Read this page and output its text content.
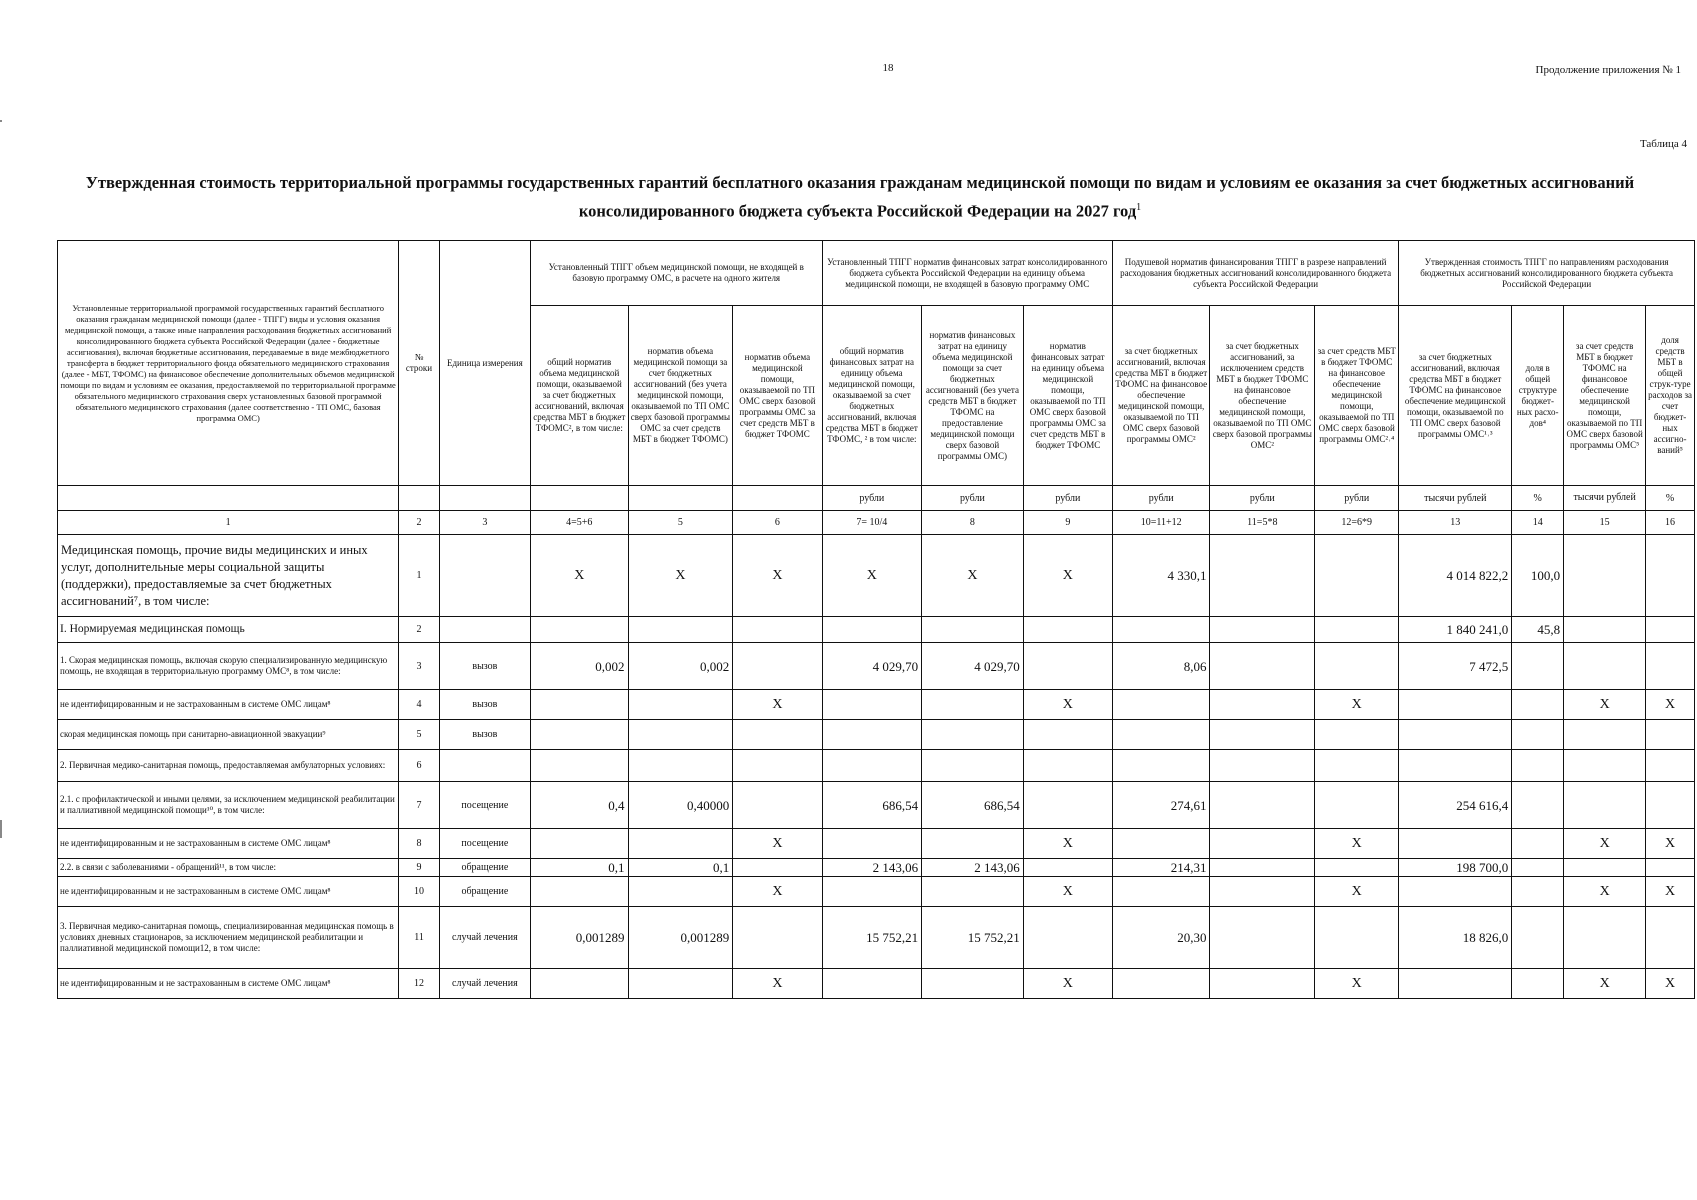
18	Продолжение приложения № 1
Таблица 4
Утвержденная стоимость территориальной программы государственных гарантий бесплатного оказания гражданам медицинской помощи по видам и условиям ее оказания за счет бюджетных ассигнований
консолидированного бюджета субъекта Российской Федерации на 2027 год$^1$
Установленные территориальной программой государственных гарантий бесплатного оказания гражданам медицинской помощи (далее - ТПГГ) виды и условия оказания медицинской помощи, а также иные направления расходования бюджетных ассигнований консолидированного бюджета субъекта Российской Федерации (далее - бюджетные ассигнования), включая бюджетные ассигнования, передаваемые в виде межбюджетного трансферта в бюджет территориального фонда обязательного медицинского страхования (далее - МБТ, ТФОМС) на финансовое обеспечение дополнительных объемов медицинской помощи по видам и условиям ее оказания, предоставляемой по территориальной программе обязательного медицинского страхования сверх установленных базовой программой обязательного медицинского страхования (далее соответственно - ТП ОМС, базовая программа ОМС)	№ строки	Единица измерения	Установленный ТПГГ объем медицинской помощи, не входящей в базовую программу ОМС, в расчете на одного жителя			Установленный ТПГГ норматив финансовых затрат консолидированного бюджета субъекта Российской Федерации на единицу объема медицинской помощи, не входящей в базовую программу ОМС			Подушевой норматив финансирования ТПГГ в разрезе направлений расходования бюджетных ассигнований консолидированного бюджета субъекта Российской Федерации			Утвержденная стоимость ТПГГ по направлениям расходования бюджетных ассигнований консолидированного бюджета субъекта Российской Федерации			
			общий норматив объема медицинской помощи, оказываемой за счет бюджетных ассигнований, включая средства МБТ в бюджет ТФОМС², в том числе:	норматив объема медицинской помощи за счет бюджетных ассигнований (без учета медицинской помощи, оказываемой по ТП ОМС сверх базовой программы ОМС за счет средств МБТ в бюджет ТФОМС)	норматив объема медицинской помощи, оказываемой по ТП ОМС сверх базовой программы ОМС за счет средств МБТ в бюджет ТФОМС	общий норматив финансовых затрат на единицу объема медицинской помощи, оказываемой за счет бюджетных ассигнований, включая средства МБТ в бюджет ТФОМС, ² в том числе:	норматив финансовых затрат на единицу объема медицинской помощи за счет бюджетных ассигнований (без учета средств МБТ в бюджет ТФОМС на предоставление медицинской помощи сверх базовой программы ОМС)	норматив финансовых затрат на единицу объема медицинской помощи, оказываемой по ТП ОМС сверх базовой программы ОМС за счет средств МБТ в бюджет ТФОМС	за счет бюджетных ассигнований, включая средства МБТ в бюджет ТФОМС на финансовое обеспечение медицинской помощи, оказываемой по ТП ОМС сверх базовой программы ОМС²	за счет бюджетных ассигнований, за исключением средств МБТ в бюджет ТФОМС на финансовое обеспечение медицинской помощи, оказываемой по ТП ОМС сверх базовой программы ОМС²	за счет средств МБТ в бюджет ТФОМС на финансовое обеспечение медицинской помощи, оказываемой по ТП ОМС сверх базовой программы ОМС²˒⁴	за счет бюджетных ассигнований, включая средства МБТ в бюджет ТФОМС на финансовое обеспечение медицинской помощи, оказываемой по ТП ОМС сверх базовой программы ОМС¹˒³	доля в общей структуре бюджет-ных расхо-дов⁴	за счет средств МБТ в бюджет ТФОМС на финансовое обеспечение медицинской помощи, оказываемой по ТП ОМС сверх базовой программы ОМС⁵	доля средств МБТ в общей струк-туре расходов за счет бюджет-ных ассигно-ваний⁵
						рубли	рубли	рубли	рубли	рубли	рубли	тысячи рублей	%	тысячи рублей	%
1	2	3	4=5+6	5	6	7= 10/4	8	9	10=11+12	11=5*8	12=6*9	13	14	15	16
Медицинская помощь, прочие виды медицинских и иных услуг, дополнительные меры социальной защиты (поддержки), предоставляемые за счет бюджетных ассигнований⁷, в том числе:	1		X	X	X	X	X	X	4 330,1			4 014 822,2	100,0		
I. Нормируемая медицинская помощь	2											1 840 241,0	45,8		
1. Скорая медицинская помощь, включая скорую специализированную медицинскую помощь, не входящая в территориальную программу ОМС⁸, в том числе:	3	вызов	0,002	0,002		4 029,70	4 029,70		8,06			7 472,5			
не идентифицированным и не застрахованным в системе ОМС лицам⁸	4	вызов			X			X			X			X	X
скорая медицинская помощь при санитарно-авиационной эвакуации⁹	5	вызов													
2. Первичная медико-санитарная помощь, предоставляемая амбулаторных условиях:	6														
2.1. с профилактической и иными целями, за исключением медицинской реабилитации и паллиативной медицинской помощи¹⁰, в том числе:	7	посещение	0,4	0,40000		686,54	686,54		274,61			254 616,4			
не идентифицированным и не застрахованным в системе ОМС лицам⁸	8	посещение			X			X			X			X	X
2.2. в связи с заболеваниями - обращений¹¹, в том числе:	9	обращение	0,1	0,1		2 143,06	2 143,06		214,31			198 700,0			
не идентифицированным и не застрахованным в системе ОМС лицам⁸	10	обращение			X			X			X			X	X
3. Первичная медико-санитарная помощь, специализированная медицинская помощь в условиях дневных стационаров, за исключением медицинской реабилитации и паллиативной медицинской помощи12, в том числе:	11	случай лечения	0,001289	0,001289		15 752,21	15 752,21		20,30			18 826,0			
не идентифицированным и не застрахованным в системе ОМС лицам⁸	12	случай лечения			X			X			X			X	X
